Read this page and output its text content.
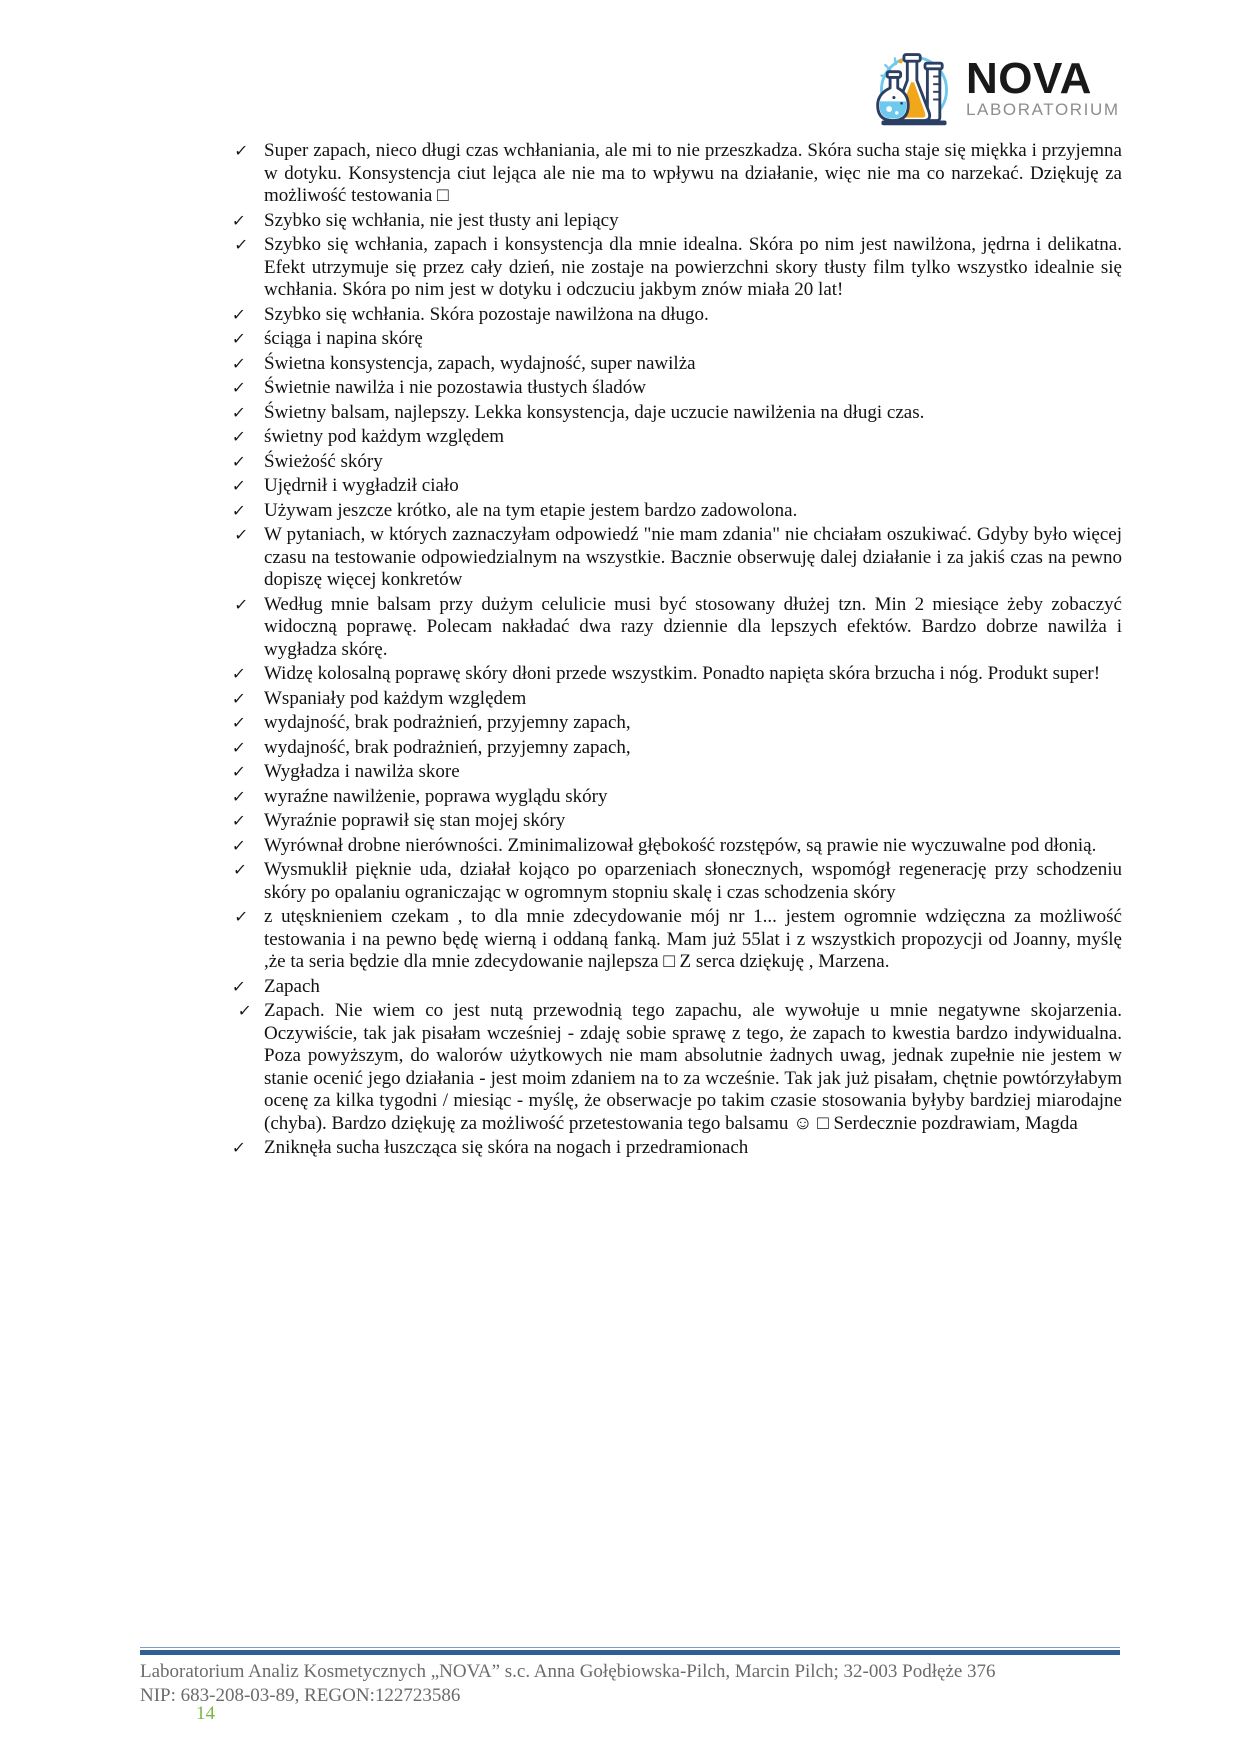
NOVA
LABORATORIUM
✓ Super zapach, nieco długi czas wchłaniania, ale mi to nie przeszkadza. Skóra sucha staje się miękka i przyjemna w dotyku. Konsystencja ciut lejąca ale nie ma to wpływu na działanie, więc nie ma co narzekać. Dziękuję za możliwość testowania □
✓ Szybko się wchłania, nie jest tłusty ani lepiący
✓ Szybko się wchłania, zapach i konsystencja dla mnie idealna. Skóra po nim jest nawilżona, jędrna i delikatna. Efekt utrzymuje się przez cały dzień, nie zostaje na powierzchni skory tłusty film tylko wszystko idealnie się wchłania. Skóra po nim jest w dotyku i odczuciu jakbym znów miała 20 lat!
✓ Szybko się wchłania. Skóra pozostaje nawilżona na długo.
✓ ściąga i napina skórę
✓ Świetna konsystencja, zapach, wydajność, super nawilża
✓ Świetnie nawilża i nie pozostawia tłustych śladów
✓ Świetny balsam, najlepszy. Lekka konsystencja, daje uczucie nawilżenia na długi czas.
✓ świetny pod każdym względem
✓ Świeżość skóry
✓ Ujędrnił i wygładził ciało
✓ Używam jeszcze krótko, ale na tym etapie jestem bardzo zadowolona.
✓ W pytaniach, w których zaznaczyłam odpowiedź "nie mam zdania" nie chciałam oszukiwać. Gdyby było więcej czasu na testowanie odpowiedzialnym na wszystkie. Bacznie obserwuję dalej działanie i za jakiś czas na pewno dopiszę więcej konkretów
✓ Według mnie balsam przy dużym celulicie musi być stosowany dłużej tzn. Min 2 miesiące żeby zobaczyć widoczną poprawę. Polecam nakładać dwa razy dziennie dla lepszych efektów. Bardzo dobrze nawilża i wygładza skórę.
✓ Widzę kolosalną poprawę skóry dłoni przede wszystkim. Ponadto napięta skóra brzucha i nóg. Produkt super!
✓ Wspaniały pod każdym względem
✓ wydajność, brak podrażnień, przyjemny zapach,
✓ wydajność, brak podrażnień, przyjemny zapach,
✓ Wygładza i nawilża skore
✓ wyraźne nawilżenie, poprawa wyglądu skóry
✓ Wyraźnie poprawił się stan mojej skóry
✓ Wyrównał drobne nierówności. Zminimalizował głębokość rozstępów, są prawie nie wyczuwalne pod dłonią.
✓ Wysmuklił pięknie uda, działał kojąco po oparzeniach słonecznych, wspomógł regenerację przy schodzeniu skóry po opalaniu ograniczając w ogromnym stopniu skalę i czas schodzenia skóry
✓ z utęsknieniem czekam , to dla mnie zdecydowanie mój nr 1... jestem ogromnie wdzięczna za możliwość testowania i na pewno będę wierną i oddaną fanką. Mam już 55lat i z wszystkich propozycji od Joanny, myślę ,że ta seria będzie dla mnie zdecydowanie najlepsza □ Z serca dziękuję , Marzena.
✓ Zapach
✓ Zapach. Nie wiem co jest nutą przewodnią tego zapachu, ale wywołuje u mnie negatywne skojarzenia. Oczywiście, tak jak pisałam wcześniej - zdaję sobie sprawę z tego, że zapach to kwestia bardzo indywidualna. Poza powyższym, do walorów użytkowych nie mam absolutnie żadnych uwag, jednak zupełnie nie jestem w stanie ocenić jego działania - jest moim zdaniem na to za wcześnie. Tak jak już pisałam, chętnie powtórzyłabym ocenę za kilka tygodni / miesiąc - myślę, że obserwacje po takim czasie stosowania byłyby bardziej miarodajne (chyba). Bardzo dziękuję za możliwość przetestowania tego balsamu ☺ □ Serdecznie pozdrawiam, Magda
✓ Zniknęła sucha łuszcząca się skóra na nogach i przedramionach
Laboratorium Analiz Kosmetycznych „NOVA” s.c. Anna Gołębiowska-Pilch, Marcin Pilch; 32-003 Podłęże 376
NIP: 683-208-03-89, REGON:122723586
14
